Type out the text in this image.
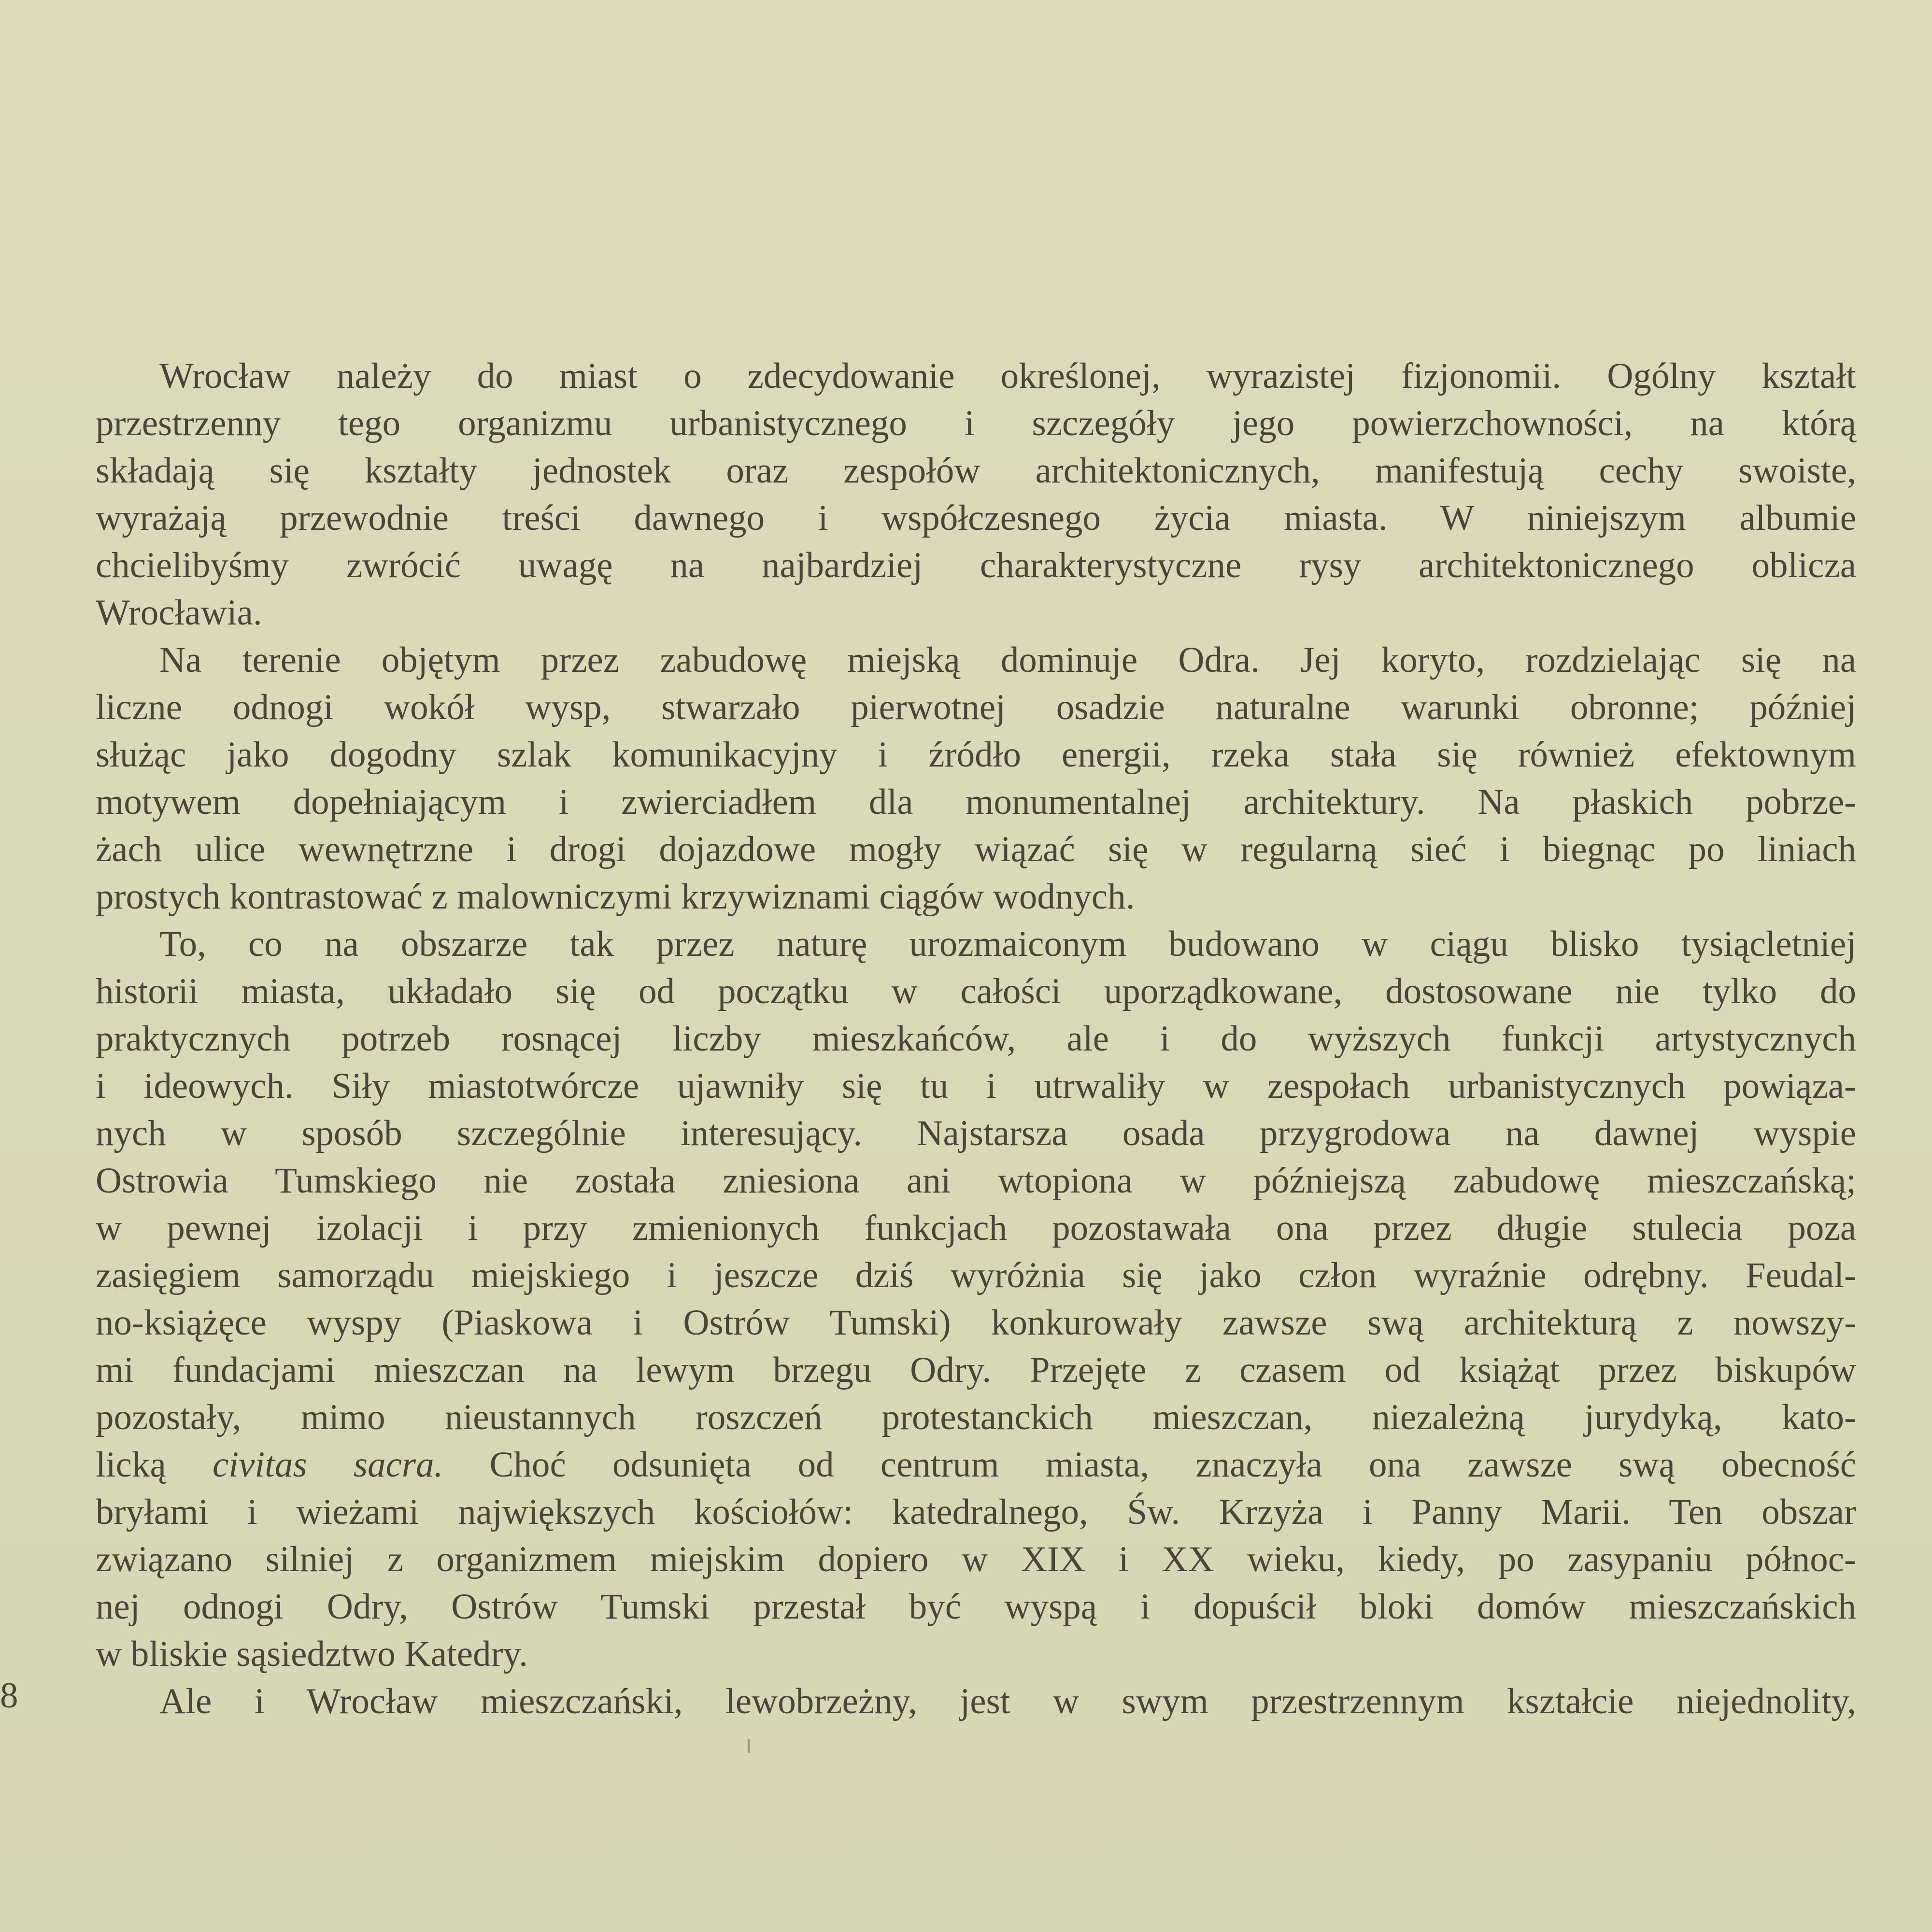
8
Wrocław należy do miast o zdecydowanie określonej, wyrazistej fizjonomii. Ogólny kształt
przestrzenny tego organizmu urbanistycznego i szczegóły jego powierzchowności, na którą
składają się kształty jednostek oraz zespołów architektonicznych, manifestują cechy swoiste,
wyrażają przewodnie treści dawnego i współczesnego życia miasta. W niniejszym albumie
chcielibyśmy zwrócić uwagę na najbardziej charakterystyczne rysy architektonicznego oblicza
Wrocławia.
Na terenie objętym przez zabudowę miejską dominuje Odra. Jej koryto, rozdzielając się na
liczne odnogi wokół wysp, stwarzało pierwotnej osadzie naturalne warunki obronne; później
służąc jako dogodny szlak komunikacyjny i źródło energii, rzeka stała się również efektownym
motywem dopełniającym i zwierciadłem dla monumentalnej architektury. Na płaskich pobrze-
żach ulice wewnętrzne i drogi dojazdowe mogły wiązać się w regularną sieć i biegnąc po liniach
prostych kontrastować z malowniczymi krzywiznami ciągów wodnych.
To, co na obszarze tak przez naturę urozmaiconym budowano w ciągu blisko tysiącletniej
historii miasta, układało się od początku w całości uporządkowane, dostosowane nie tylko do
praktycznych potrzeb rosnącej liczby mieszkańców, ale i do wyższych funkcji artystycznych
i ideowych. Siły miastotwórcze ujawniły się tu i utrwaliły w zespołach urbanistycznych powiąza-
nych w sposób szczególnie interesujący. Najstarsza osada przygrodowa na dawnej wyspie
Ostrowia Tumskiego nie została zniesiona ani wtopiona w późniejszą zabudowę mieszczańską;
w pewnej izolacji i przy zmienionych funkcjach pozostawała ona przez długie stulecia poza
zasięgiem samorządu miejskiego i jeszcze dziś wyróżnia się jako człon wyraźnie odrębny. Feudal-
no-książęce wyspy (Piaskowa i Ostrów Tumski) konkurowały zawsze swą architekturą z nowszy-
mi fundacjami mieszczan na lewym brzegu Odry. Przejęte z czasem od książąt przez biskupów
pozostały, mimo nieustannych roszczeń protestanckich mieszczan, niezależną jurydyką, kato-
licką civitas sacra. Choć odsunięta od centrum miasta, znaczyła ona zawsze swą obecność
bryłami i wieżami największych kościołów: katedralnego, Św. Krzyża i Panny Marii. Ten obszar
związano silniej z organizmem miejskim dopiero w XIX i XX wieku, kiedy, po zasypaniu północ-
nej odnogi Odry, Ostrów Tumski przestał być wyspą i dopuścił bloki domów mieszczańskich
w bliskie sąsiedztwo Katedry.
Ale i Wrocław mieszczański, lewobrzeżny, jest w swym przestrzennym kształcie niejednolity,
